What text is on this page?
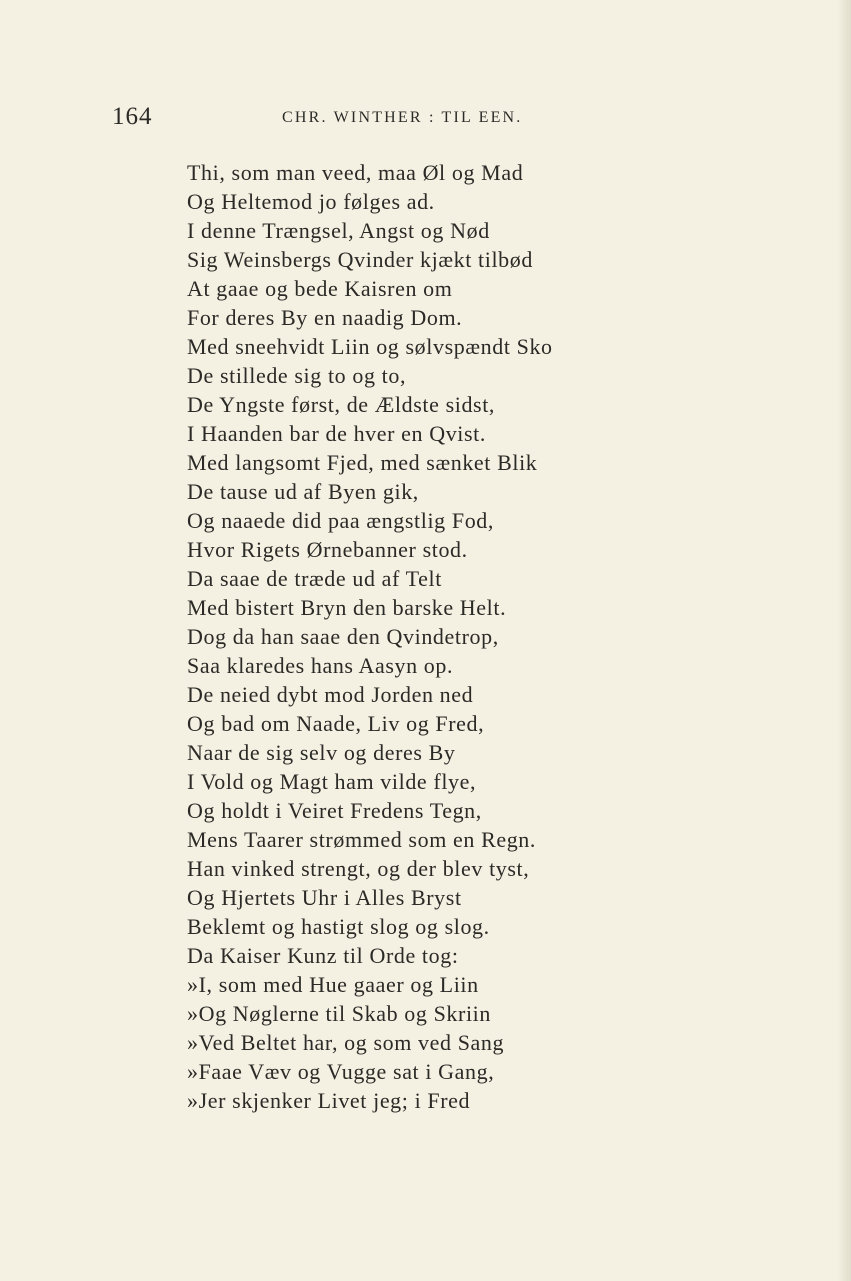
164	CHR. WINTHER : TIL EEN.
Thi, som man veed, maa Øl og Mad
Og Heltemod jo følges ad.
I denne Trængsel, Angst og Nød
Sig Weinsbergs Qvinder kjækt tilbød
At gaae og bede Kaisren om
For deres By en naadig Dom.
Med sneehvidt Liin og sølvspændt Sko
De stillede sig to og to,
De Yngste først, de Ældste sidst,
I Haanden bar de hver en Qvist.
Med langsomt Fjed, med sænket Blik
De tause ud af Byen gik,
Og naaede did paa ængstlig Fod,
Hvor Rigets Ørnebanner stod.
Da saae de træde ud af Telt
Med bistert Bryn den barske Helt.
Dog da han saae den Qvindetrop,
Saa klaredes hans Aasyn op.
De neied dybt mod Jorden ned
Og bad om Naade, Liv og Fred,
Naar de sig selv og deres By
I Vold og Magt ham vilde flye,
Og holdt i Veiret Fredens Tegn,
Mens Taarer strømmed som en Regn.
Han vinked strengt, og der blev tyst,
Og Hjertets Uhr i Alles Bryst
Beklemt og hastigt slog og slog.
Da Kaiser Kunz til Orde tog:
»I, som med Hue gaaer og Liin
»Og Nøglerne til Skab og Skriin
»Ved Beltet har, og som ved Sang
»Faae Væv og Vugge sat i Gang,
»Jer skjenker Livet jeg; i Fred
